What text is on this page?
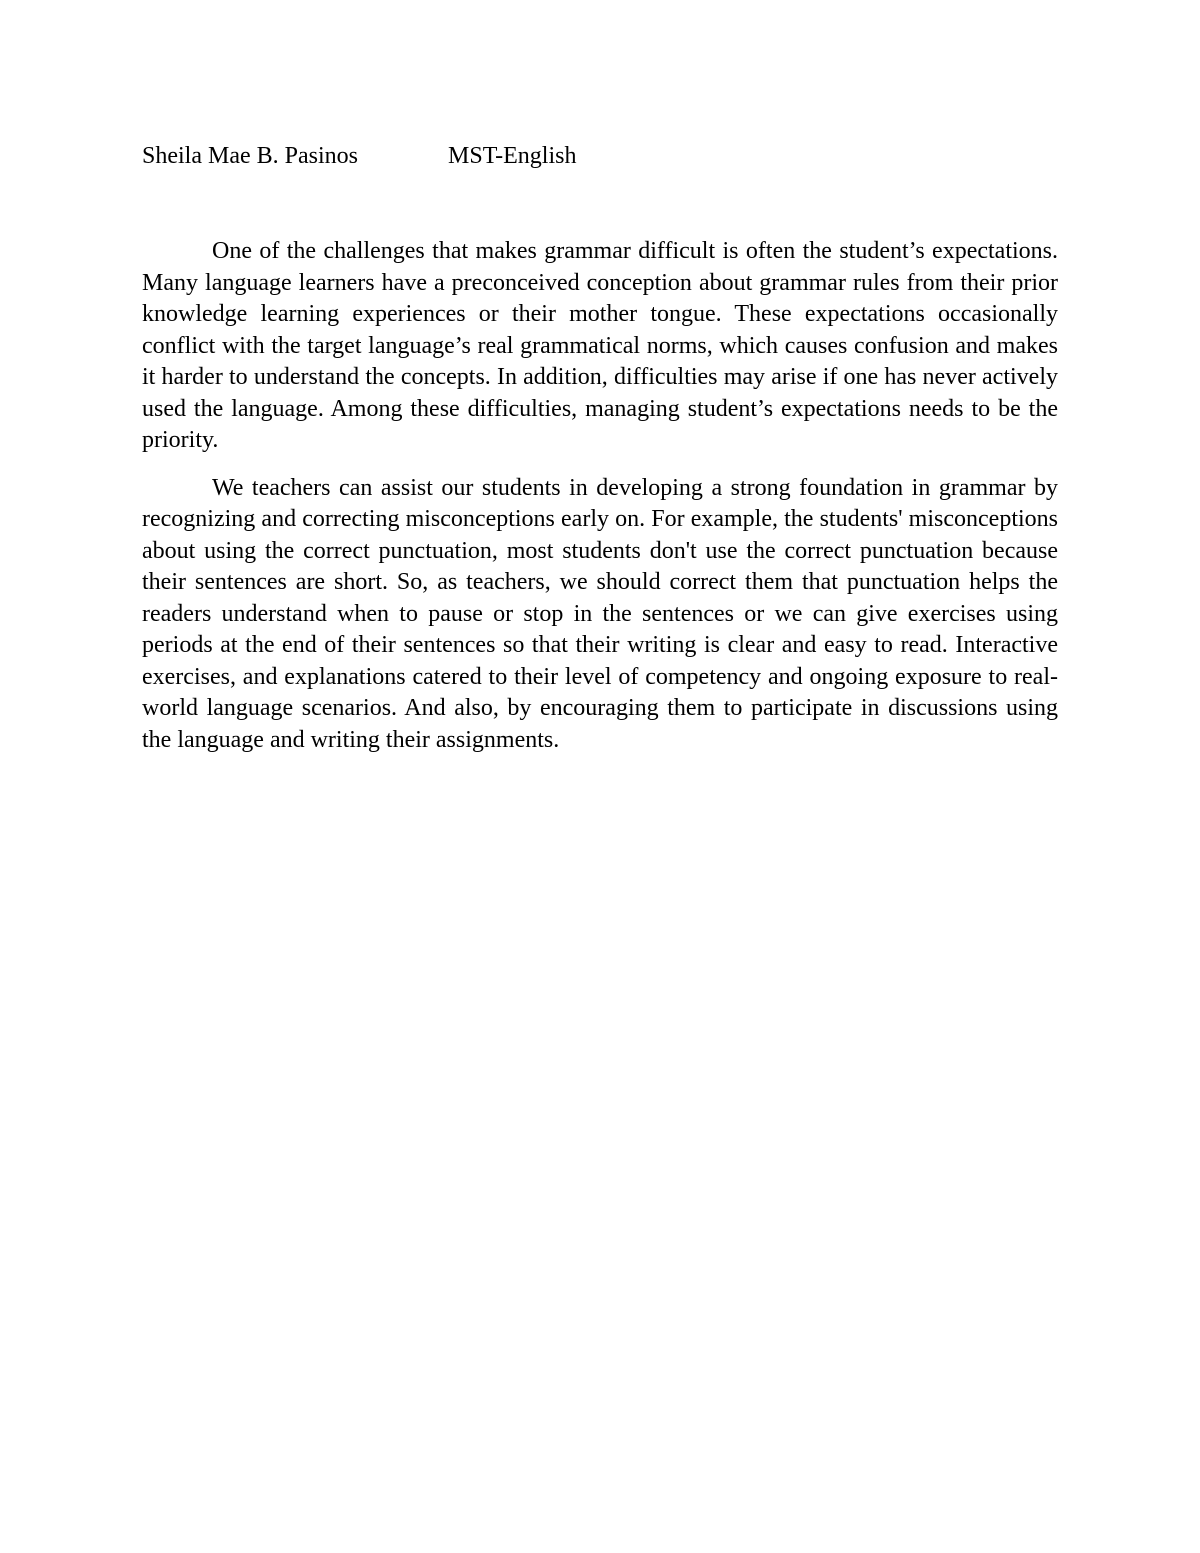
Sheila Mae B. Pasinos	MST-English

One of the challenges that makes grammar difficult is often the student’s expectations. Many language learners have a preconceived conception about grammar rules from their prior knowledge learning experiences or their mother tongue. These expectations occasionally conflict with the target language’s real grammatical norms, which causes confusion and makes it harder to understand the concepts. In addition, difficulties may arise if one has never actively used the language. Among these difficulties, managing student’s expectations needs to be the priority.

We teachers can assist our students in developing a strong foundation in grammar by recognizing and correcting misconceptions early on. For example, the students' misconceptions about using the correct punctuation, most students don't use the correct punctuation because their sentences are short. So, as teachers, we should correct them that punctuation helps the readers understand when to pause or stop in the sentences or we can give exercises using periods at the end of their sentences so that their writing is clear and easy to read. Interactive exercises, and explanations catered to their level of competency and ongoing exposure to real-world language scenarios. And also, by encouraging them to participate in discussions using the language and writing their assignments.
